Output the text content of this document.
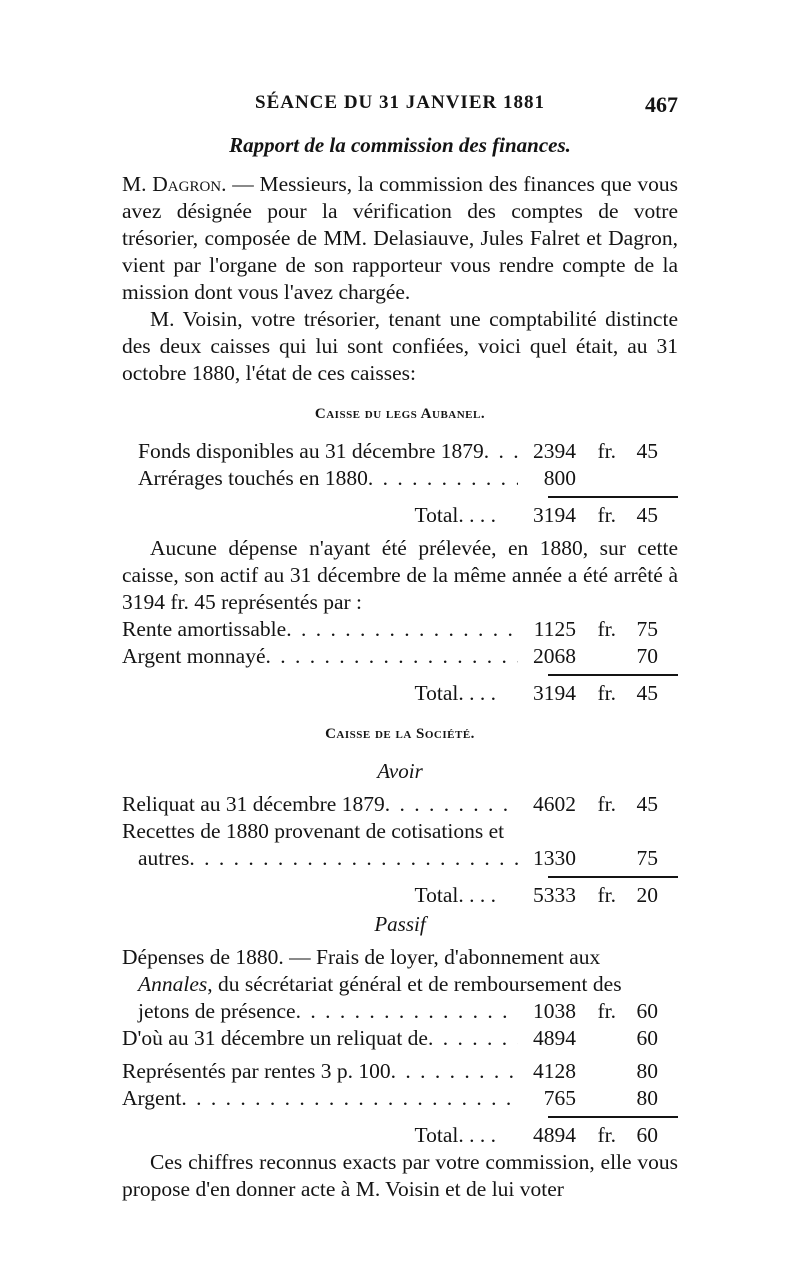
SÉANCE DU 31 JANVIER 1881	467
Rapport de la commission des finances.

M. Dagron. — Messieurs, la commission des finances que vous avez désignée pour la vérification des comptes de votre trésorier, composée de MM. Delasiauve, Jules Falret et Dagron, vient par l'organe de son rapporteur vous rendre compte de la mission dont vous l'avez chargée.

M. Voisin, votre trésorier, tenant une comptabilité distincte des deux caisses qui lui sont confiées, voici quel était, au 31 octobre 1880, l'état de ces caisses:

Caisse du legs Aubanel.
Fonds disponibles au 31 décembre 1879 . . .	2394 fr. 45
Arrérages touchés en 1880 . . .	800
Total. . . .	3194 fr. 45

Aucune dépense n'ayant été prélevée, en 1880, sur cette caisse, son actif au 31 décembre de la même année a été arrêté à 3194 fr. 45 représentés par :

Rente amortissable . . .	1125 fr. 75
Argent monnayé . . .	2068	70
Total. . . .	3194 fr. 45
Caisse de la Société.
Avoir
Reliquat au 31 décembre 1879 . . .	4602 fr. 45
Recettes de 1880 provenant de cotisations et
autres . . .	1330	75
Total. . . .	5333 fr. 20
Passif
Dépenses de 1880. — Frais de loyer, d'abonnement aux
Annales, du sécrétariat général et de remboursement des
jetons de présence . . .	1038 fr. 60
D'où au 31 décembre un reliquat de . . .	4894	60
Représentés par rentes 3 p. 100 . . .	4128	80
Argent . . .	765	80
Total. . . .	4894 fr. 60

Ces chiffres reconnus exacts par votre commission, elle vous propose d'en donner acte à M. Voisin et de lui voter
